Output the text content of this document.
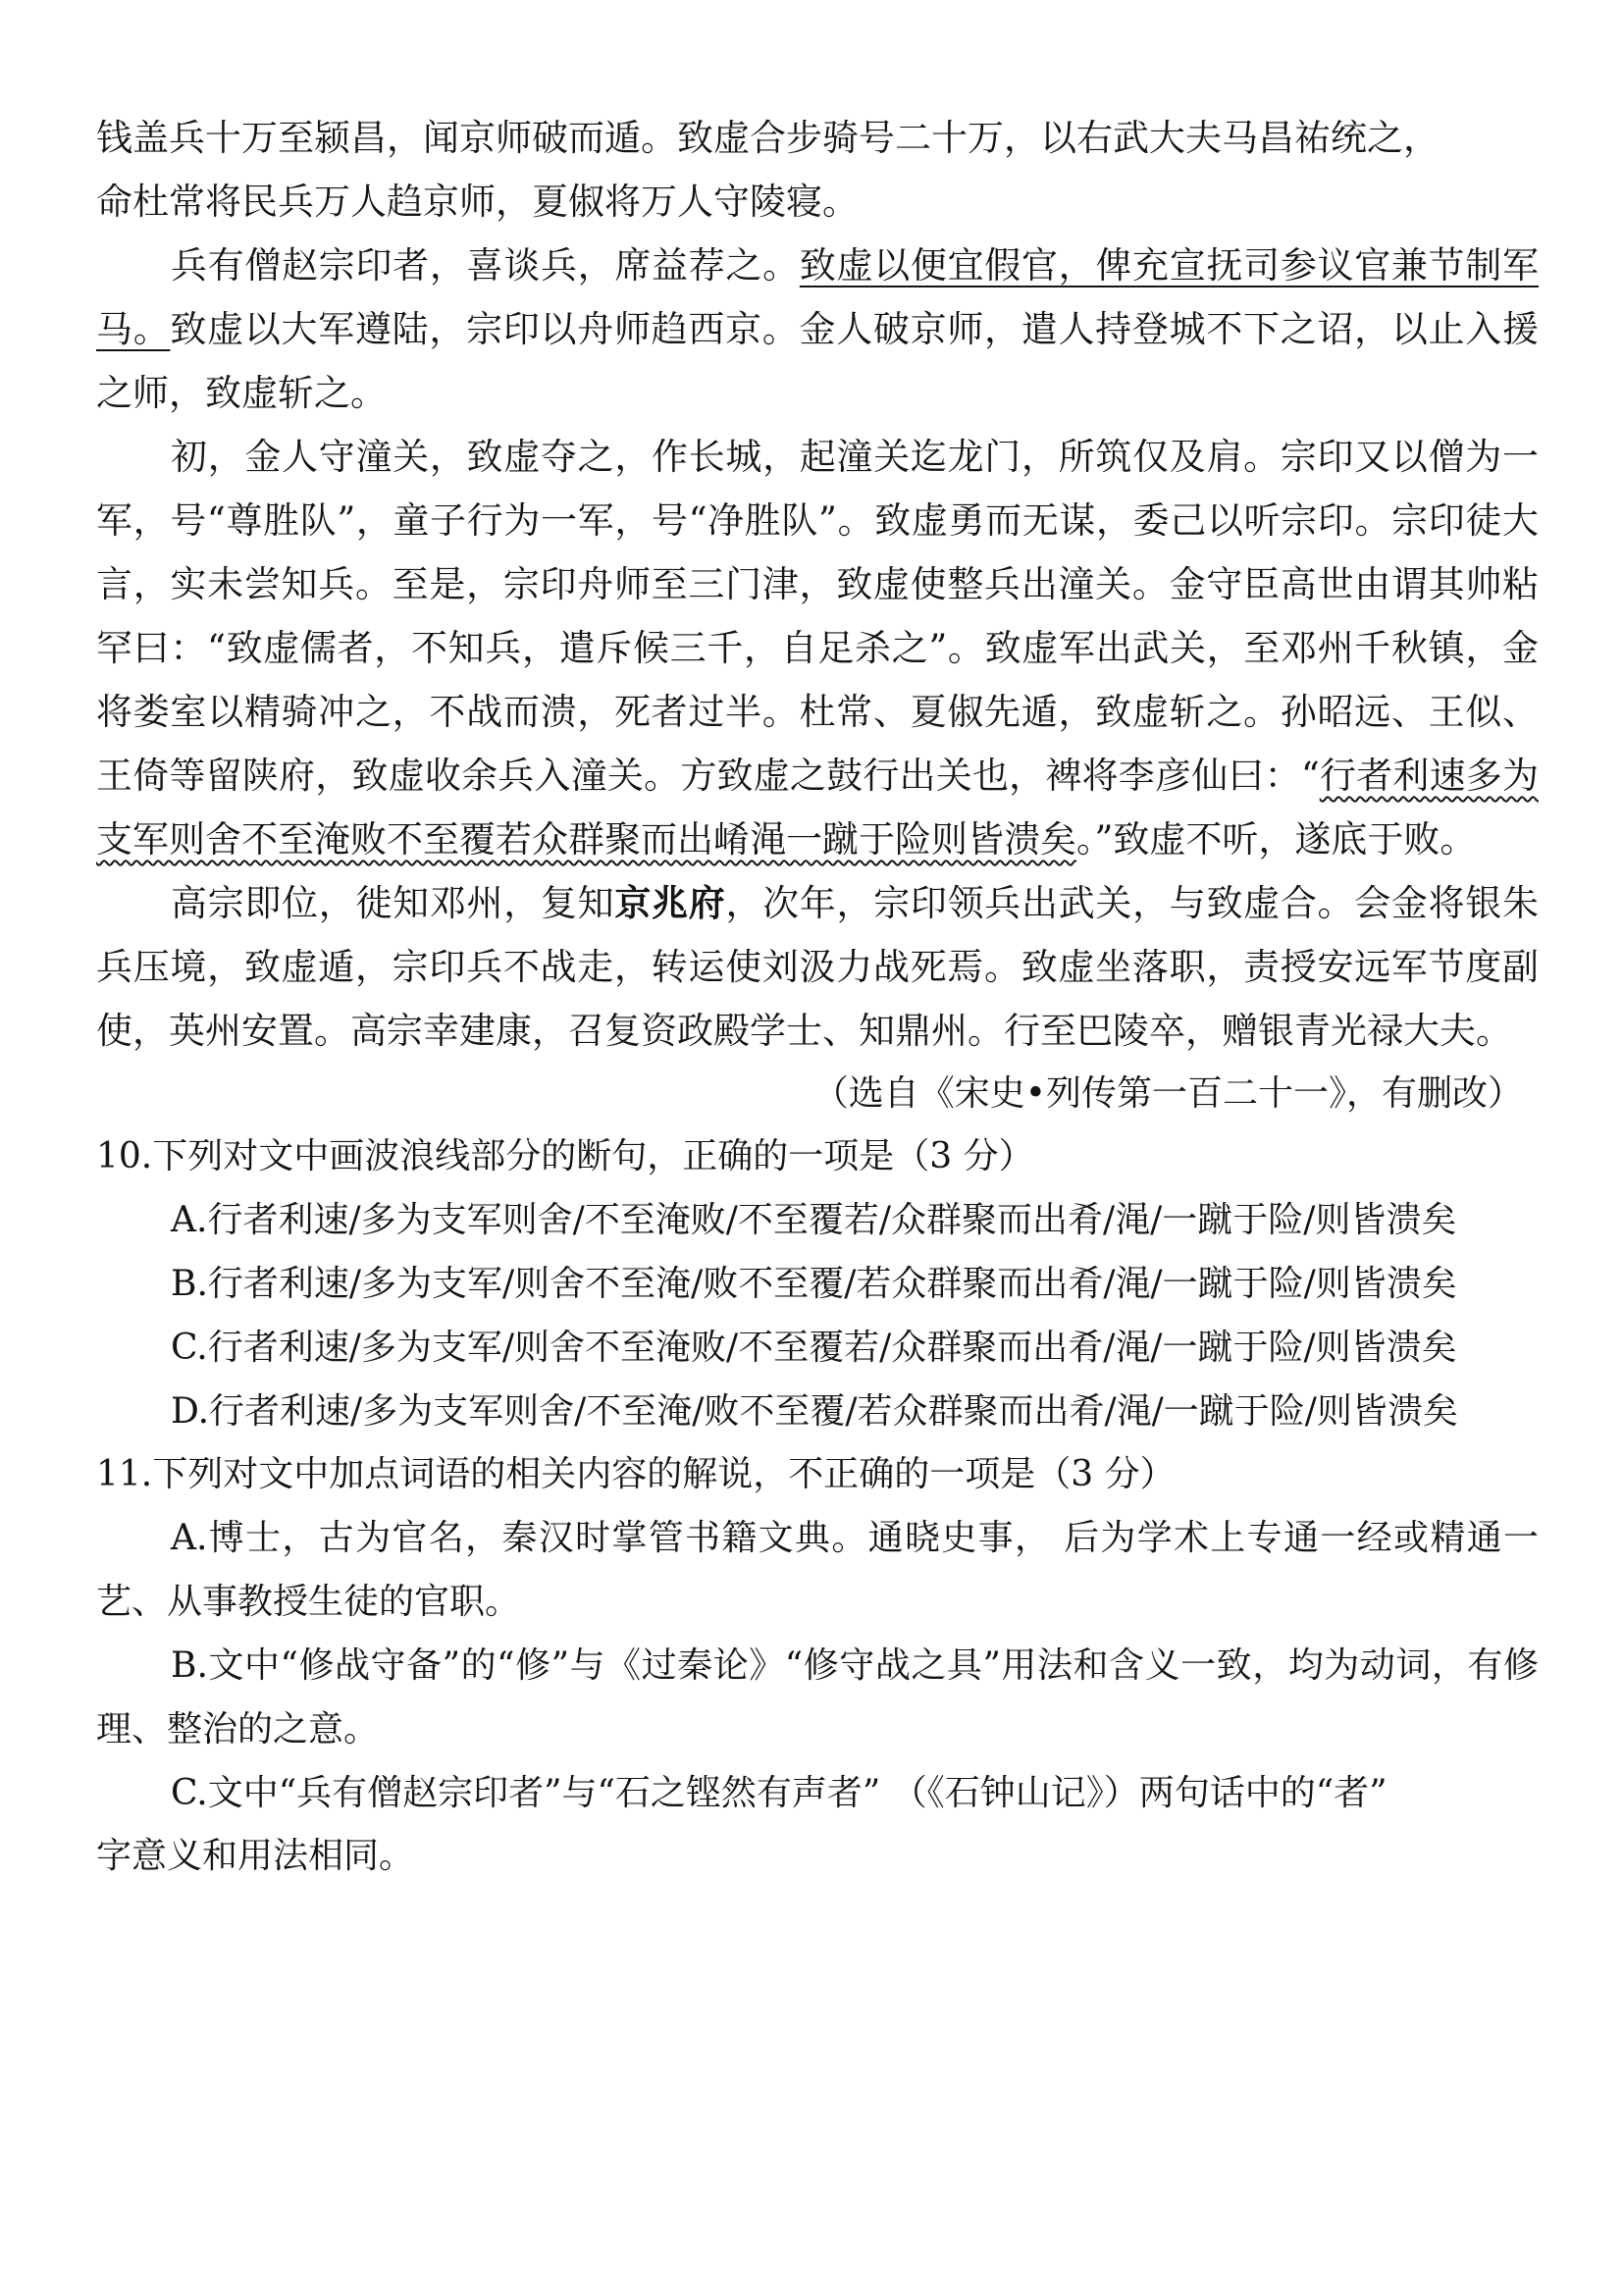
钱盖兵十万至颍昌，闻京师破而遁。致虚合步骑号二十万，以右武大夫马昌祐统之，
命杜常将民兵万人趋京师，夏俶将万人守陵寝。

兵有僧赵宗印者，喜谈兵，席益荐之。致虚以便宜假官，俾充宣抚司参议官兼节制军马。致虚以大军遵陆，宗印以舟师趋西京。金人破京师，遣人持登城不下之诏，以止入援之师，致虚斩之。

初，金人守潼关，致虚夺之，作长城，起潼关迄龙门，所筑仅及肩。宗印又以僧为一军，号“尊胜队”，童子行为一军，号“净胜队”。致虚勇而无谋，委己以听宗印。宗印徒大言，实未尝知兵。至是，宗印舟师至三门津，致虚使整兵出潼关。金守臣高世由谓其帅粘罕曰：“致虚儒者，不知兵，遣斥候三千，自足杀之”。致虚军出武关，至邓州千秋镇，金将娄室以精骑冲之，不战而溃，死者过半。杜常、夏俶先遁，致虚斩之。孙昭远、王似、王倚等留陕府，致虚收余兵入潼关。方致虚之鼓行出关也，裨将李彦仙曰：“行者利速多为支军则舍不至淹败不至覆若众群聚而出崤渑一蹴于险则皆溃矣。”致虚不听，遂底于败。

高宗即位，徙知邓州，复知京兆府，次年，宗印领兵出武关，与致虚合。会金将银朱兵压境，致虚遁，宗印兵不战走，转运使刘汲力战死焉。致虚坐落职，责授安远军节度副使，英州安置。高宗幸建康，召复资政殿学士、知鼎州。行至巴陵卒，赠银青光禄大夫。

（选自《宋史•列传第一百二十一》，有删改）

10.下列对文中画波浪线部分的断句，正确的一项是（3 分）

A.行者利速/多为支军则舍/不至淹败/不至覆若/众群聚而出肴/渑/一蹴于险/则皆溃矣

B.行者利速/多为支军/则舍不至淹/败不至覆/若众群聚而出肴/渑/一蹴于险/则皆溃矣

C.行者利速/多为支军/则舍不至淹败/不至覆若/众群聚而出肴/渑/一蹴于险/则皆溃矣

D.行者利速/多为支军则舍/不至淹/败不至覆/若众群聚而出肴/渑/一蹴于险/则皆溃矣

11.下列对文中加点词语的相关内容的解说，不正确的一项是（3 分）

A.博士，古为官名，秦汉时掌管书籍文典。通晓史事， 后为学术上专通一经或精通一艺、从事教授生徒的官职。

B.文中“修战守备”的“修”与《过秦论》“修守战之具”用法和含义一致，均为动词，有修理、整治的之意。

C.文中“兵有僧赵宗印者”与“石之铿然有声者” （《石钟山记》）两句话中的“者”

字意义和用法相同。
